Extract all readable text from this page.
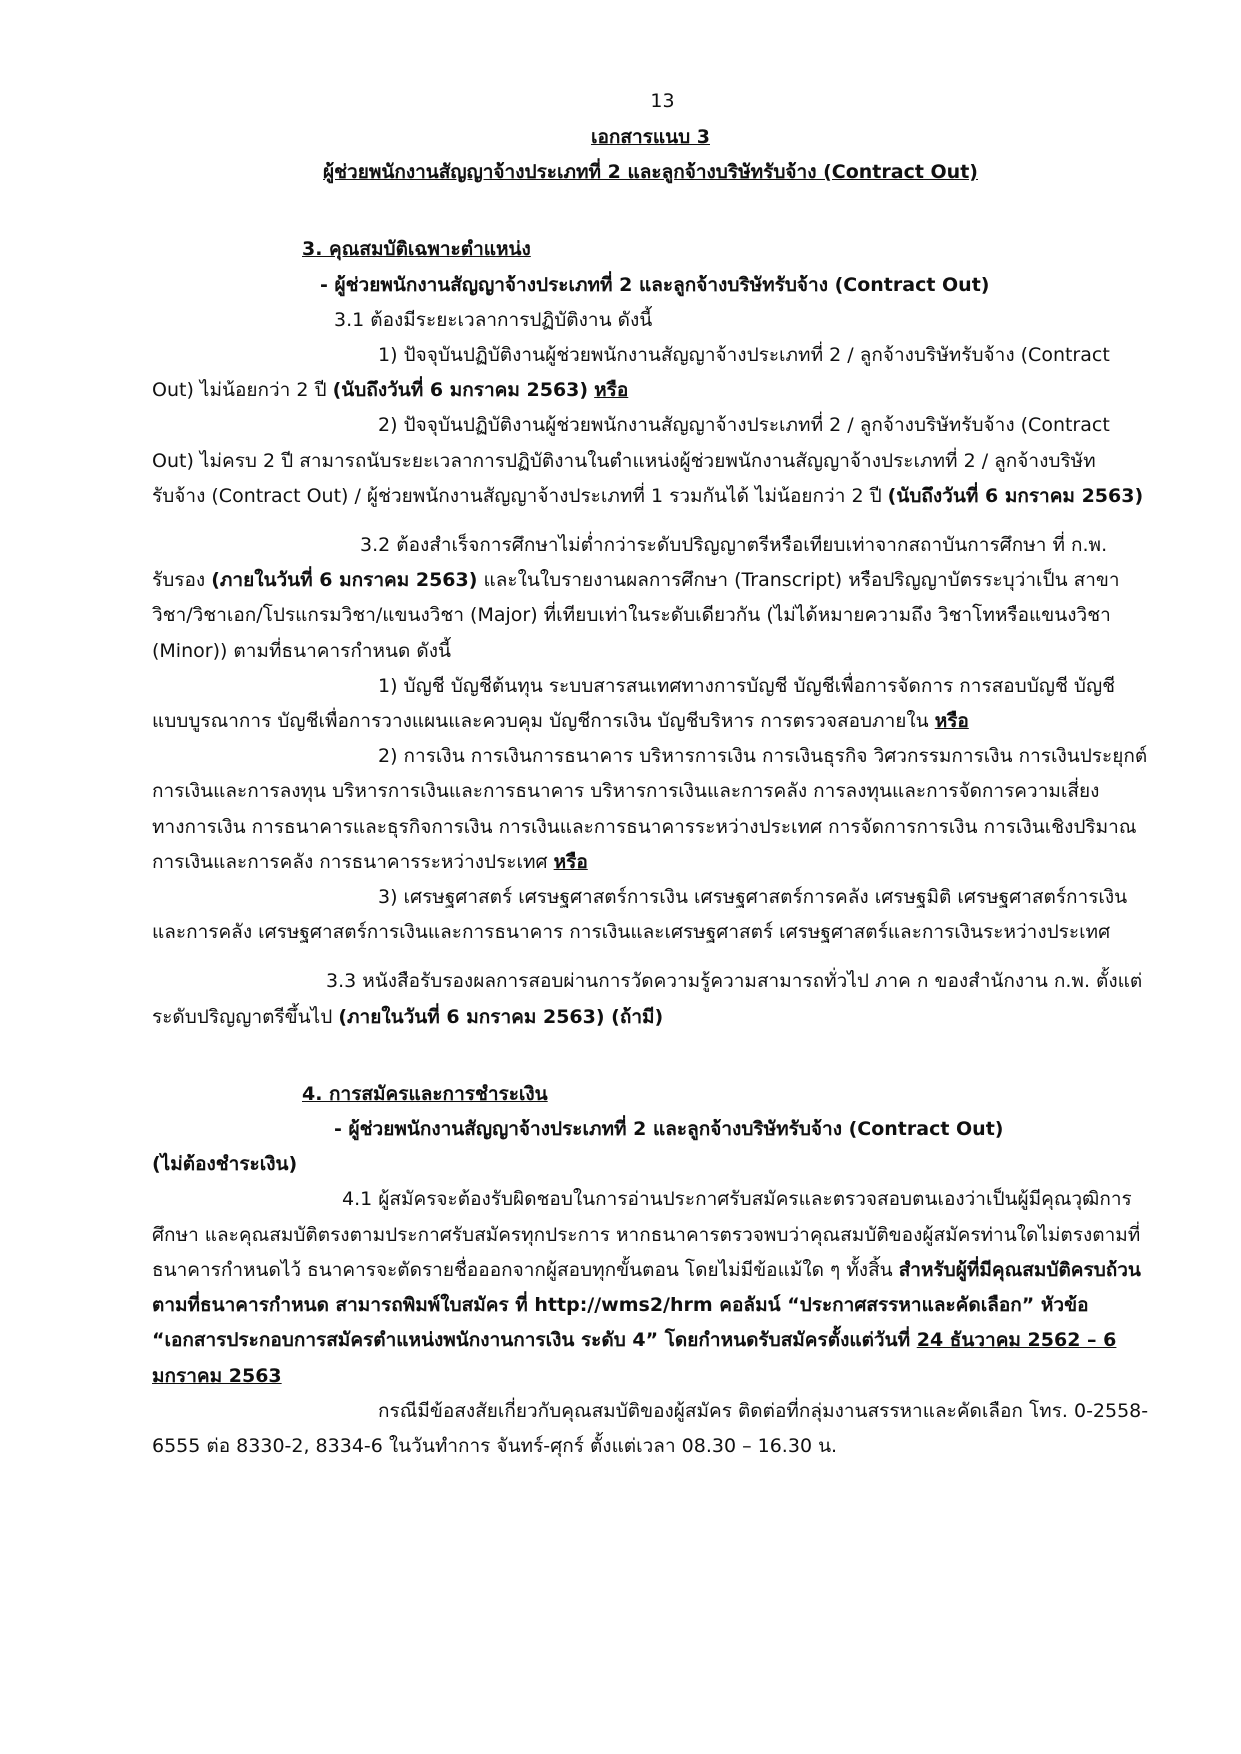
13

เอกสารแนบ 3

ผู้ช่วยพนักงานสัญญาจ้างประเภทที่ 2 และลูกจ้างบริษัทรับจ้าง (Contract Out)

3. คุณสมบัติเฉพาะตำแหน่ง

- ผู้ช่วยพนักงานสัญญาจ้างประเภทที่ 2 และลูกจ้างบริษัทรับจ้าง (Contract Out)

3.1 ต้องมีระยะเวลาการปฏิบัติงาน ดังนี้

1) ปัจจุบันปฏิบัติงานผู้ช่วยพนักงานสัญญาจ้างประเภทที่ 2 / ลูกจ้างบริษัทรับจ้าง (Contract Out) ไม่น้อยกว่า 2 ปี (นับถึงวันที่ 6 มกราคม 2563) หรือ

2) ปัจจุบันปฏิบัติงานผู้ช่วยพนักงานสัญญาจ้างประเภทที่ 2 / ลูกจ้างบริษัทรับจ้าง (Contract Out) ไม่ครบ 2 ปี สามารถนับระยะเวลาการปฏิบัติงานในตำแหน่งผู้ช่วยพนักงานสัญญาจ้างประเภทที่ 2 / ลูกจ้างบริษัทรับจ้าง (Contract Out) / ผู้ช่วยพนักงานสัญญาจ้างประเภทที่ 1 รวมกันได้ ไม่น้อยกว่า 2 ปี (นับถึงวันที่ 6 มกราคม 2563)

3.2 ต้องสำเร็จการศึกษาไม่ต่ำกว่าระดับปริญญาตรีหรือเทียบเท่าจากสถาบันการศึกษา ที่ ก.พ. รับรอง (ภายในวันที่ 6 มกราคม 2563) และในใบรายงานผลการศึกษา (Transcript) หรือปริญญาบัตรระบุว่าเป็น สาขาวิชา/วิชาเอก/โปรแกรมวิชา/แขนงวิชา (Major) ที่เทียบเท่าในระดับเดียวกัน (ไม่ได้หมายความถึง วิชาโทหรือแขนงวิชา (Minor)) ตามที่ธนาคารกำหนด ดังนี้

1) บัญชี บัญชีต้นทุน ระบบสารสนเทศทางการบัญชี บัญชีเพื่อการจัดการ การสอบบัญชี บัญชีแบบบูรณาการ บัญชีเพื่อการวางแผนและควบคุม บัญชีการเงิน บัญชีบริหาร การตรวจสอบภายใน หรือ

2) การเงิน การเงินการธนาคาร บริหารการเงิน การเงินธุรกิจ วิศวกรรมการเงิน การเงินประยุกต์ การเงินและการลงทุน บริหารการเงินและการธนาคาร บริหารการเงินและการคลัง การลงทุนและการจัดการความเสี่ยงทางการเงิน การธนาคารและธุรกิจการเงิน การเงินและการธนาคารระหว่างประเทศ การจัดการการเงิน การเงินเชิงปริมาณ การเงินและการคลัง การธนาคารระหว่างประเทศ หรือ

3) เศรษฐศาสตร์ เศรษฐศาสตร์การเงิน เศรษฐศาสตร์การคลัง เศรษฐมิติ เศรษฐศาสตร์การเงินและการคลัง เศรษฐศาสตร์การเงินและการธนาคาร การเงินและเศรษฐศาสตร์ เศรษฐศาสตร์และการเงินระหว่างประเทศ

3.3 หนังสือรับรองผลการสอบผ่านการวัดความรู้ความสามารถทั่วไป ภาค ก ของสำนักงาน ก.พ. ตั้งแต่ระดับปริญญาตรีขึ้นไป (ภายในวันที่ 6 มกราคม 2563) (ถ้ามี)

4. การสมัครและการชำระเงิน

- ผู้ช่วยพนักงานสัญญาจ้างประเภทที่ 2 และลูกจ้างบริษัทรับจ้าง (Contract Out)

(ไม่ต้องชำระเงิน)

4.1 ผู้สมัครจะต้องรับผิดชอบในการอ่านประกาศรับสมัครและตรวจสอบตนเองว่าเป็นผู้มีคุณวุฒิการศึกษา และคุณสมบัติตรงตามประกาศรับสมัครทุกประการ หากธนาคารตรวจพบว่าคุณสมบัติของผู้สมัครท่านใดไม่ตรงตามที่ธนาคารกำหนดไว้ ธนาคารจะตัดรายชื่อออกจากผู้สอบทุกขั้นตอน โดยไม่มีข้อแม้ใด ๆ ทั้งสิ้น สำหรับผู้ที่มีคุณสมบัติครบถ้วนตามที่ธนาคารกำหนด สามารถพิมพ์ใบสมัคร ที่ http://wms2/hrm คอลัมน์ “ประกาศสรรหาและคัดเลือก” หัวข้อ “เอกสารประกอบการสมัครตำแหน่งพนักงานการเงิน ระดับ 4” โดยกำหนดรับสมัครตั้งแต่วันที่ 24 ธันวาคม 2562 – 6 มกราคม 2563

กรณีมีข้อสงสัยเกี่ยวกับคุณสมบัติของผู้สมัคร ติดต่อที่กลุ่มงานสรรหาและคัดเลือก โทร. 0-2558-6555 ต่อ 8330-2, 8334-6 ในวันทำการ จันทร์-ศุกร์ ตั้งแต่เวลา 08.30 – 16.30 น.
